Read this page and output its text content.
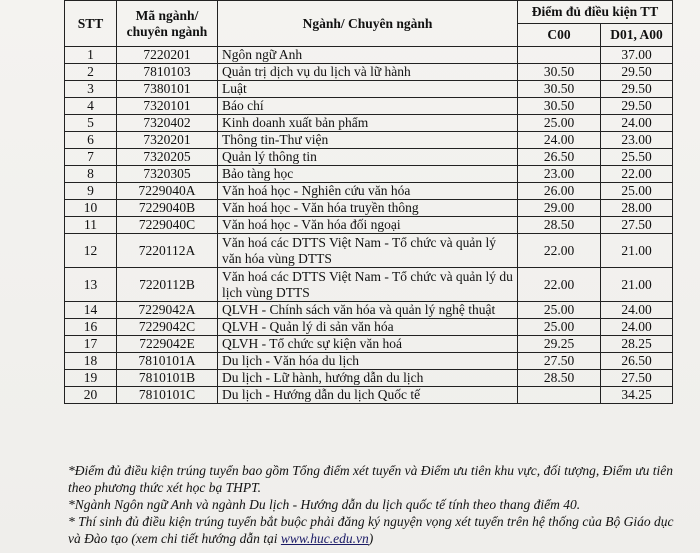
STT	Mã ngành/ chuyên ngành	Ngành/ Chuyên ngành	Điểm đủ điều kiện TT	
			C00	D01, A00
1	7220201	Ngôn ngữ Anh		37.00
2	7810103	Quản trị dịch vụ du lịch và lữ hành	30.50	29.50
3	7380101	Luật	30.50	29.50
4	7320101	Báo chí	30.50	29.50
5	7320402	Kinh doanh xuất bản phẩm	25.00	24.00
6	7320201	Thông tin-Thư viện	24.00	23.00
7	7320205	Quản lý thông tin	26.50	25.50
8	7320305	Bảo tàng học	23.00	22.00
9	7229040A	Văn hoá học - Nghiên cứu văn hóa	26.00	25.00
10	7229040B	Văn hoá học - Văn hóa truyền thông	29.00	28.00
11	7229040C	Văn hoá học - Văn hóa đối ngoại	28.50	27.50
12	7220112A	Văn hoá các DTTS Việt Nam - Tổ chức và quản lý văn hóa vùng DTTS	22.00	21.00
13	7220112B	Văn hoá các DTTS Việt Nam - Tổ chức và quản lý du lịch vùng DTTS	22.00	21.00
14	7229042A	QLVH - Chính sách văn hóa và quản lý nghệ thuật	25.00	24.00
16	7229042C	QLVH - Quản lý di sản văn hóa	25.00	24.00
17	7229042E	QLVH - Tổ chức sự kiện văn hoá	29.25	28.25
18	7810101A	Du lịch - Văn hóa du lịch	27.50	26.50
19	7810101B	Du lịch - Lữ hành, hướng dẫn du lịch	28.50	27.50
20	7810101C	Du lịch - Hướng dẫn du lịch Quốc tế		34.25

*Điểm đủ điều kiện trúng tuyển bao gồm Tổng điểm xét tuyển và Điểm ưu tiên khu vực, đối tượng, Điểm ưu tiên theo phương thức xét học bạ THPT.

*Ngành Ngôn ngữ Anh và ngành Du lịch - Hướng dẫn du lịch quốc tế tính theo thang điểm 40.

* Thí sinh đủ điều kiện trúng tuyển bắt buộc phải đăng ký nguyện vọng xét tuyển trên hệ thống của Bộ Giáo dục và Đào tạo (xem chi tiết hướng dẫn tại www.huc.edu.vn)
